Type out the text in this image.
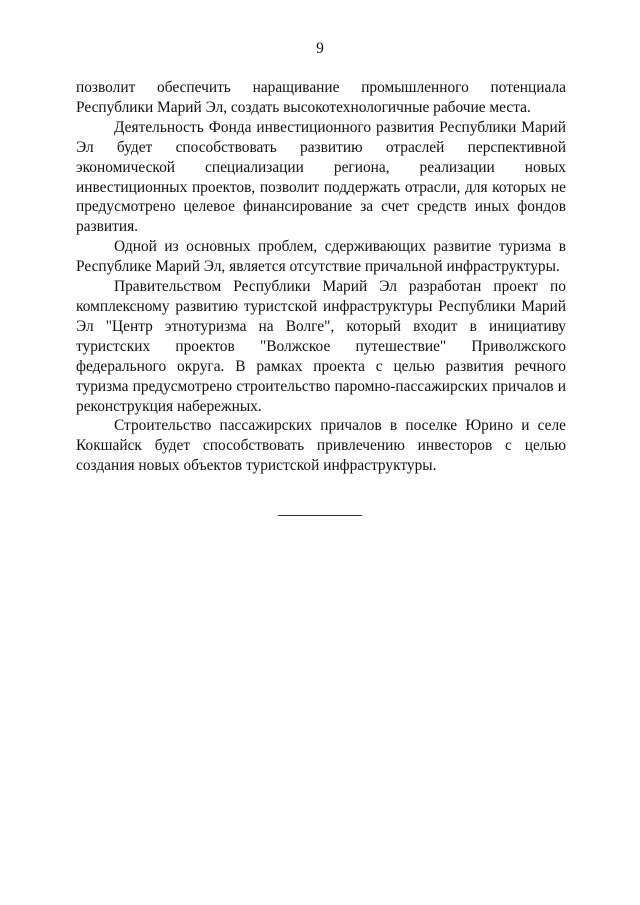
9

позволит обеспечить наращивание промышленного потенциала Республики Марий Эл, создать высокотехнологичные рабочие места.

Деятельность Фонда инвестиционного развития Республики Марий Эл будет способствовать развитию отраслей перспективной экономической специализации региона, реализации новых инвестиционных проектов, позволит поддержать отрасли, для которых не предусмотрено целевое финансирование за счет средств иных фондов развития.

Одной из основных проблем, сдерживающих развитие туризма в Республике Марий Эл, является отсутствие причальной инфраструктуры.

Правительством Республики Марий Эл разработан проект по комплексному развитию туристской инфраструктуры Республики Марий Эл "Центр этнотуризма на Волге", который входит в инициативу туристских проектов "Волжское путешествие" Приволжского федерального округа. В рамках проекта с целью развития речного туризма предусмотрено строительство паромно-пассажирских причалов и реконструкция набережных.

Строительство пассажирских причалов в поселке Юрино и селе Кокшайск будет способствовать привлечению инвесторов с целью создания новых объектов туристской инфраструктуры.
